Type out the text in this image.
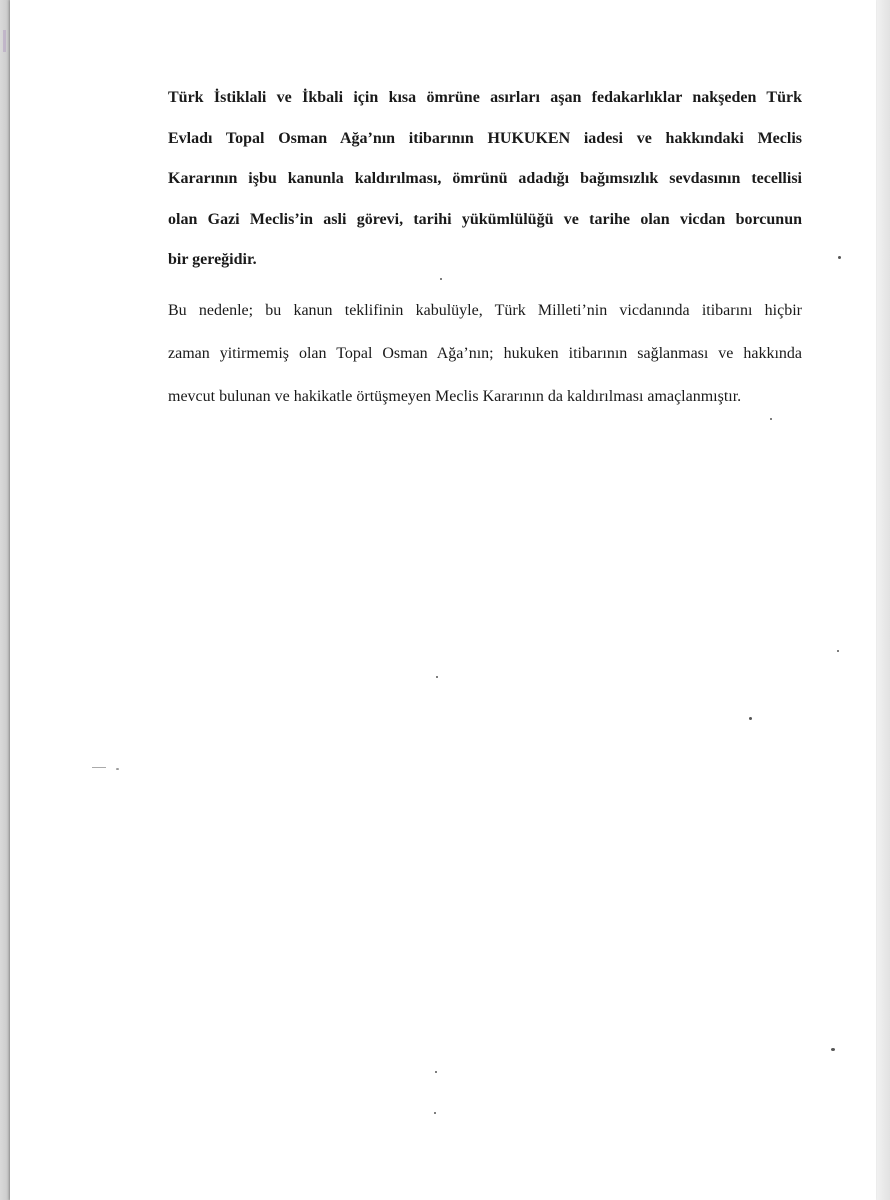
Türk İstiklali ve İkbali için kısa ömrüne asırları aşan fedakarlıklar nakşeden Türk
Evladı Topal Osman Ağa’nın itibarının HUKUKEN iadesi ve hakkındaki Meclis
Kararının işbu kanunla kaldırılması, ömrünü adadığı bağımsızlık sevdasının tecellisi
olan Gazi Meclis’in asli görevi, tarihi yükümlülüğü ve tarihe olan vicdan borcunun
bir gereğidir.

Bu nedenle; bu kanun teklifinin kabulüyle, Türk Milleti’nin vicdanında itibarını hiçbir
zaman yitirmemiş olan Topal Osman Ağa’nın; hukuken itibarının sağlanması ve hakkında
mevcut bulunan ve hakikatle örtüşmeyen Meclis Kararının da kaldırılması amaçlanmıştır.
